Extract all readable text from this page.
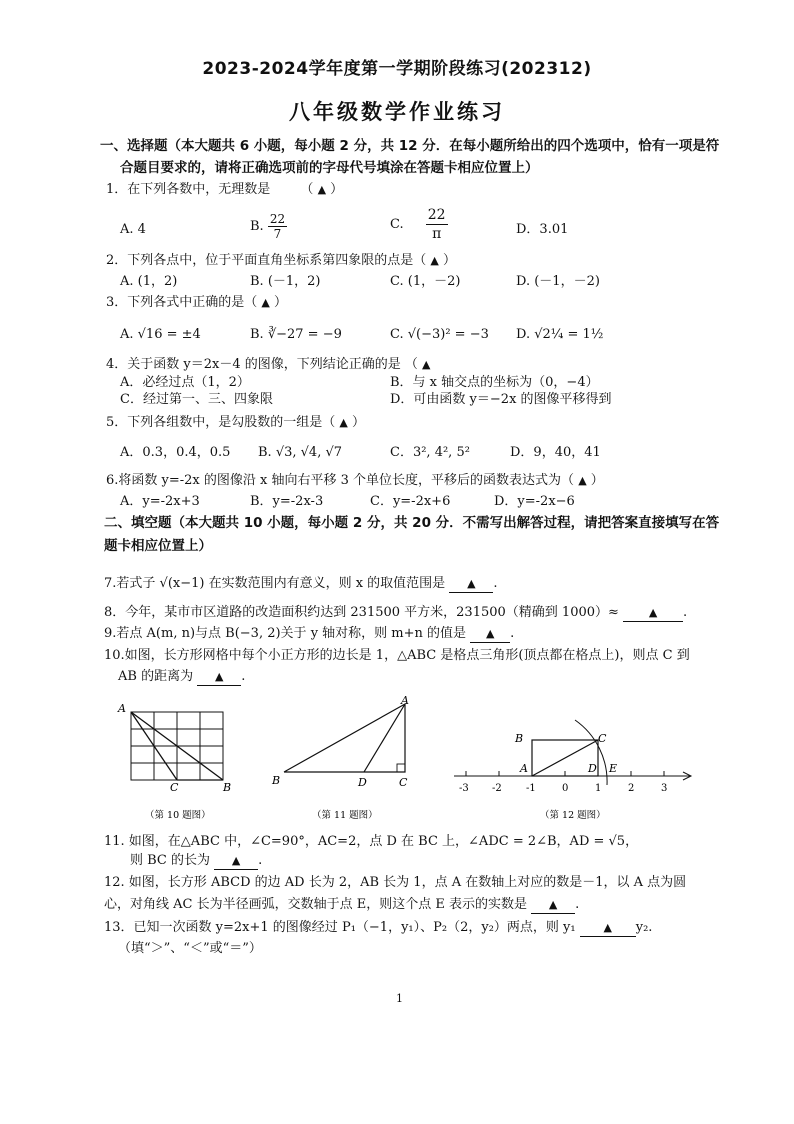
2023-2024学年度第一学期阶段练习(202312)
八年级数学作业练习
一、选择题（本大题共 6 小题，每小题 2 分，共 12 分．在每小题所给出的四个选项中，恰有一项是符
合题目要求的，请将正确选项前的字母代号填涂在答题卡相应位置上）
1．在下列各数中，无理数是 （ ▲ ）
A. 4	B. $\frac{22}{7}$	C. $\frac{22}{\pi}$	D．3.01
2．下列各点中，位于平面直角坐标系第四象限的点是（ ▲ ）
A. (1，2)	B. (－1，2)	C. (1，－2)	D. (－1，－2)
3．下列各式中正确的是（ ▲ ）
A. √16 = ±4	B. ∛−27 = −9	C. √(−3)² = −3 D. √2¼ = 1½
4．关于函数 y＝2x－4 的图像，下列结论正确的是 （ ▲
A．必经过点（1，2）	B．与 x 轴交点的坐标为（0，−4）
C．经过第一、三、四象限	D．可由函数 y＝−2x 的图像平移得到
5．下列各组数中，是勾股数的一组是（ ▲ ）
A．0.3，0.4，0.5 B. √3, √4, √7	C．3², 4², 5²	D．9，40，41
6.将函数 y=-2x 的图像沿 x 轴向右平移 3 个单位长度，平移后的函数表达式为（ ▲ ）
A．y=-2x+3	B．y=-2x-3	C．y=-2x+6	D．y=-2x−6
二、填空题（本大题共 10 小题，每小题 2 分，共 20 分．不需写出解答过程，请把答案直接填写在答
题卡相应位置上）
7.若式子 √(x−1) 在实数范围内有意义，则 x 的取值范围是 ▲ .
8．今年，某市市区道路的改造面积约达到 231500 平方米，231500（精确到 1000）≈	▲ .
9.若点 A(m, n)与点 B(−3, 2)关于 y 轴对称，则 m+n 的值是 ▲ .
10.如图，长方形网格中每个小正方形的边长是 1，△ABC 是格点三角形(顶点都在格点上)，则点 C 到
AB 的距离为 ▲ .
A
C	B
A
B	D	C
B	C
A	D E
-3 -2 -1	0	1	2	3
（第 10 题图）	（第 11 题图）	（第 12 题图）
11. 如图，在△ABC 中，∠C=90°，AC=2，点 D 在 BC 上，∠ADC = 2∠B，AD = √5，
则 BC 的长为 ▲ .
12. 如图，长方形 ABCD 的边 AD 长为 2，AB 长为 1，点 A 在数轴上对应的数是－1，以 A 点为圆
心，对角线 AC 长为半径画弧，交数轴于点 E，则这个点 E 表示的实数是 ▲ .
13．已知一次函数 y=2x+1 的图像经过 P₁（−1，y₁）、P₂（2，y₂）两点，则 y₁	▲ y₂.
（填“＞”、“＜”或“＝”）
1
